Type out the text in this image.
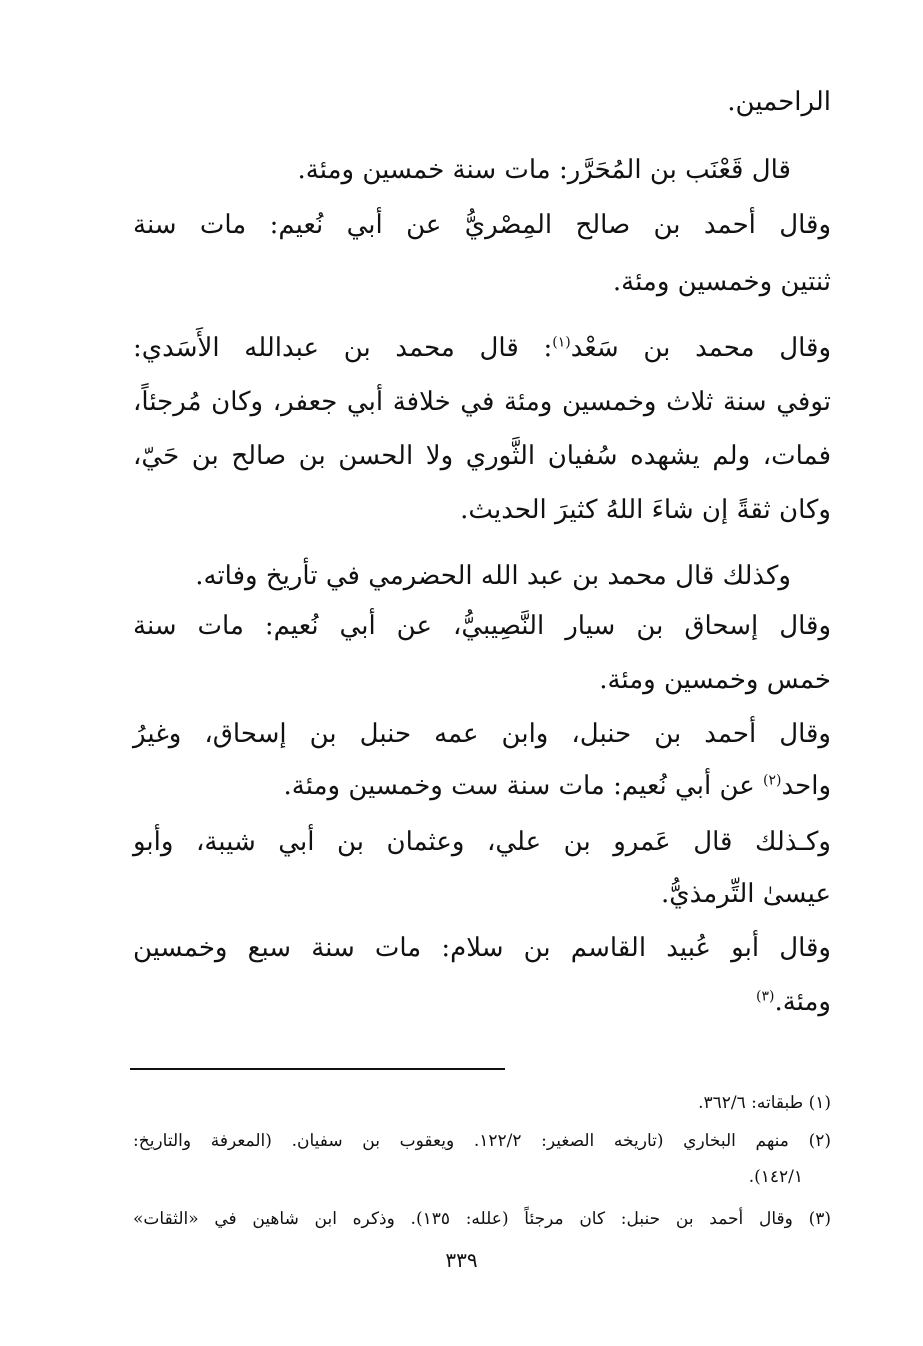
الراحمين.
قال قَعْنَب بن المُحَرَّر: مات سنة خمسين ومئة.
وقال أحمد بن صالح المِصْريُّ عن أبي نُعيم: مات سنة
ثنتين وخمسين ومئة.
وقال محمد بن سَعْد$^{(١)}$: قال محمد بن عبدالله الأَسَدي:
توفي سنة ثلاث وخمسين ومئة في خلافة أبي جعفر، وكان مُرجئاً،
فمات، ولم يشهده سُفيان الثَّوري ولا الحسن بن صالح بن حَيّ،
وكان ثقةً إن شاءَ اللهُ كثيرَ الحديث.
وكذلك قال محمد بن عبد الله الحضرمي في تأريخ وفاته.
وقال إسحاق بن سيار النَّصِيبيُّ، عن أبي نُعيم: مات سنة
خمس وخمسين ومئة.
وقال أحمد بن حنبل، وابن عمه حنبل بن إسحاق، وغيرُ
واحد$^{(٢)}$ عن أبي نُعيم: مات سنة ست وخمسين ومئة.
وكـذلك قال عَمرو بن علي، وعثمان بن أبي شيبة، وأبو
عيسىٰ التِّرمذيُّ.
وقال أبو عُبيد القاسم بن سلام: مات سنة سبع وخمسين
ومئة.$^{(٣)}$
(١) طبقاته: ٣٦٢/٦.
(٢) منهم البخاري (تاريخه الصغير: ١٢٢/٢. ويعقوب بن سفيان. (المعرفة والتاريخ:
١٤٢/١).
(٣) وقال أحمد بن حنبل: كان مرجئاً (علله: ١٣٥). وذكره ابن شاهين في «الثقات»
٣٣٩
